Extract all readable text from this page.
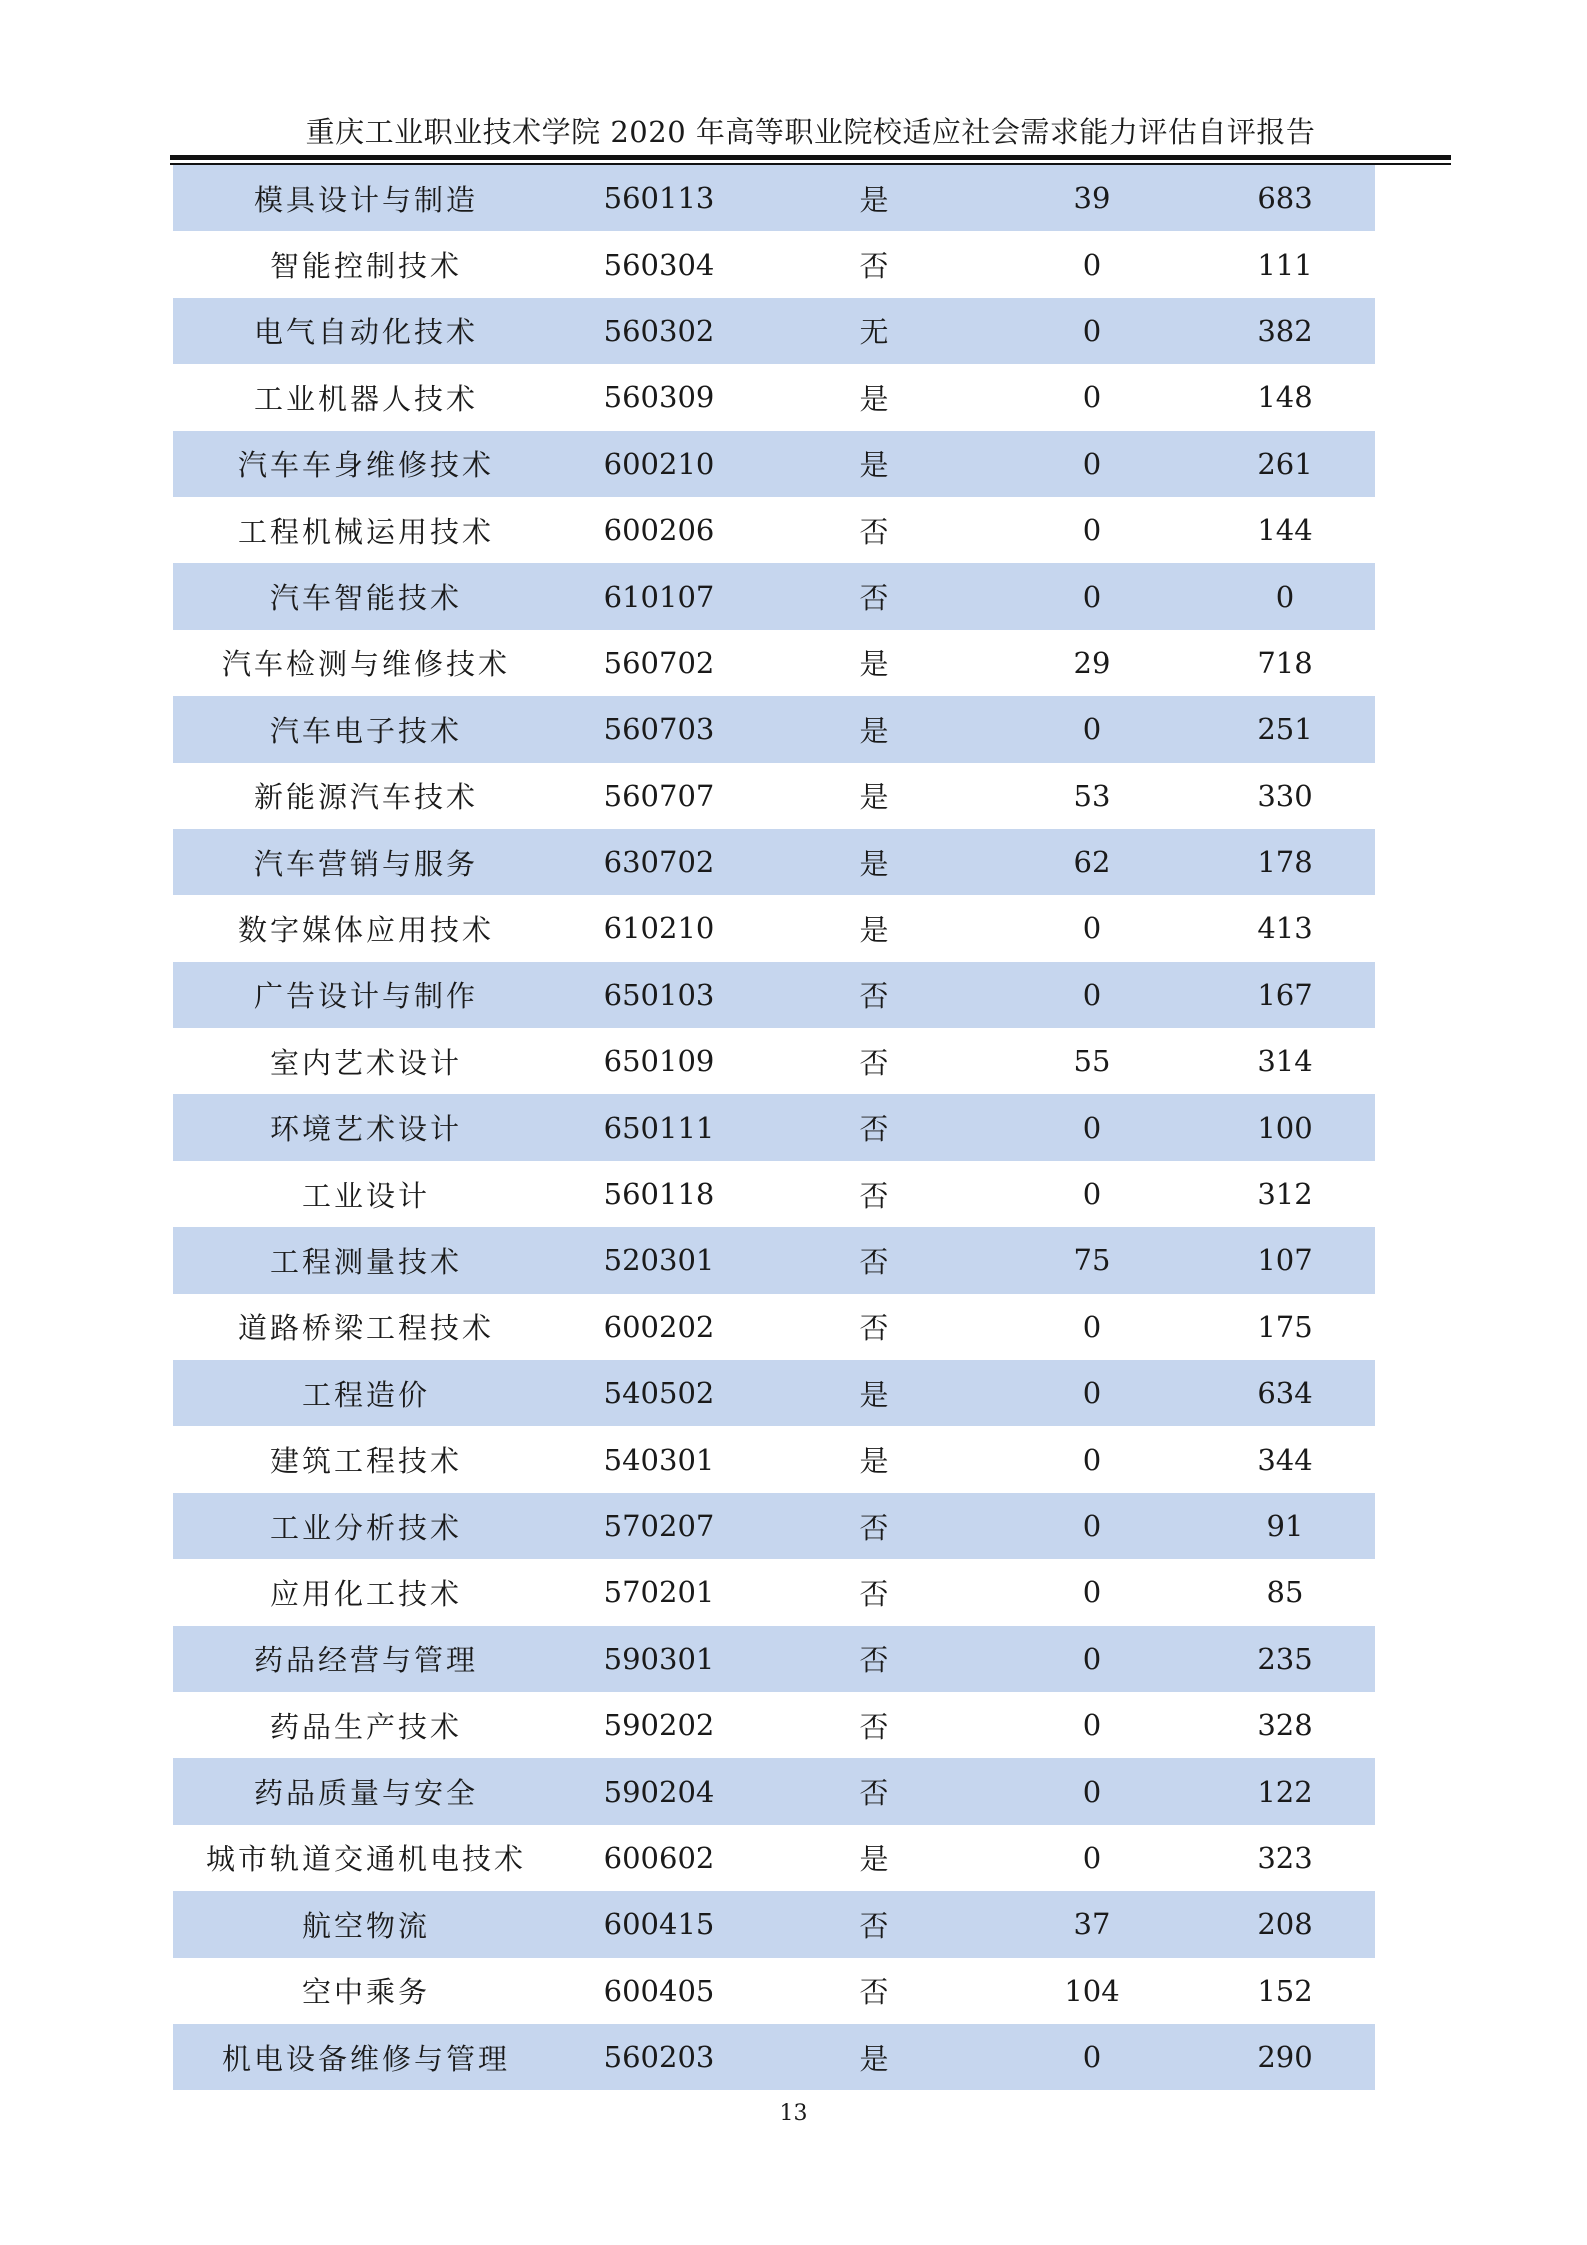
重庆工业职业技术学院 2020 年高等职业院校适应社会需求能力评估自评报告
模具设计与制造	560113	是	39	683
智能控制技术	560304	否	0	111
电气自动化技术	560302	无	0	382
工业机器人技术	560309	是	0	148
汽车车身维修技术	600210	是	0	261
工程机械运用技术	600206	否	0	144
汽车智能技术	610107	否	0	0
汽车检测与维修技术	560702	是	29	718
汽车电子技术	560703	是	0	251
新能源汽车技术	560707	是	53	330
汽车营销与服务	630702	是	62	178
数字媒体应用技术	610210	是	0	413
广告设计与制作	650103	否	0	167
室内艺术设计	650109	否	55	314
环境艺术设计	650111	否	0	100
工业设计	560118	否	0	312
工程测量技术	520301	否	75	107
道路桥梁工程技术	600202	否	0	175
工程造价	540502	是	0	634
建筑工程技术	540301	是	0	344
工业分析技术	570207	否	0	91
应用化工技术	570201	否	0	85
药品经营与管理	590301	否	0	235
药品生产技术	590202	否	0	328
药品质量与安全	590204	否	0	122
城市轨道交通机电技术	600602	是	0	323
航空物流	600415	否	37	208
空中乘务	600405	否	104	152
机电设备维修与管理	560203	是	0	290
13
